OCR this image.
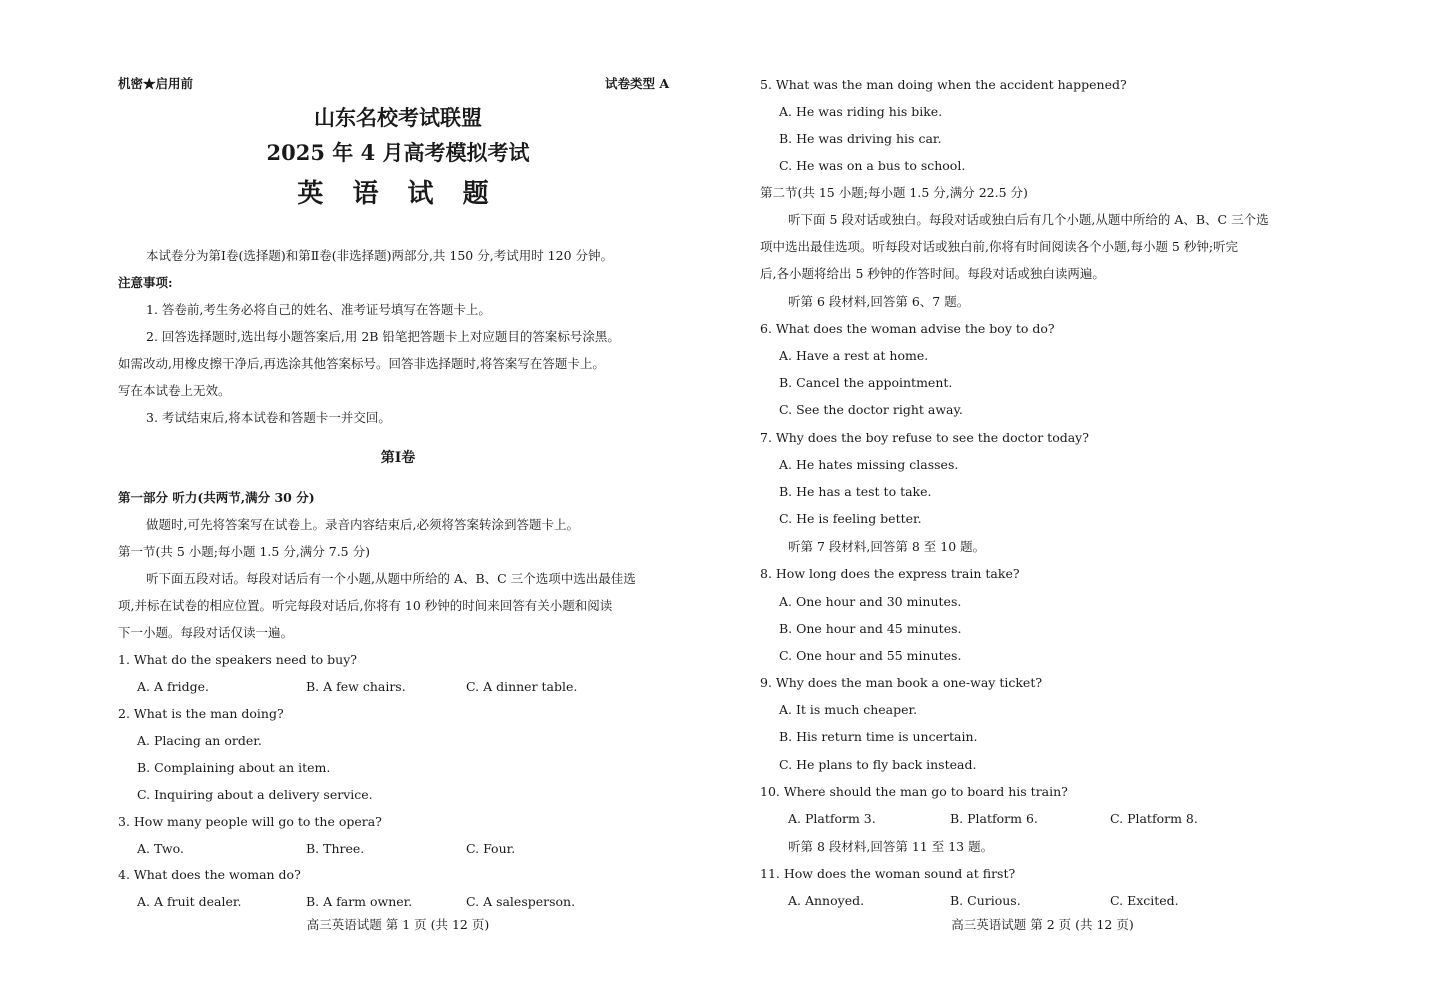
机密★启用前	试卷类型 A
山东名校考试联盟
2025 年 4 月高考模拟考试
英 语 试 题
本试卷分为第Ⅰ卷(选择题)和第Ⅱ卷(非选择题)两部分,共 150 分,考试用时 120 分钟。
注意事项:
1. 答卷前,考生务必将自己的姓名、准考证号填写在答题卡上。
2. 回答选择题时,选出每小题答案后,用 2B 铅笔把答题卡上对应题目的答案标号涂黑。
如需改动,用橡皮擦干净后,再选涂其他答案标号。回答非选择题时,将答案写在答题卡上。
写在本试卷上无效。
3. 考试结束后,将本试卷和答题卡一并交回。
第Ⅰ卷
第一部分 听力(共两节,满分 30 分)
做题时,可先将答案写在试卷上。录音内容结束后,必须将答案转涂到答题卡上。
第一节(共 5 小题;每小题 1.5 分,满分 7.5 分)
听下面五段对话。每段对话后有一个小题,从题中所给的 A、B、C 三个选项中选出最佳选
项,并标在试卷的相应位置。听完每段对话后,你将有 10 秒钟的时间来回答有关小题和阅读
下一小题。每段对话仅读一遍。
1. What do the speakers need to buy?
A. A fridge.	B. A few chairs.	C. A dinner table.
2. What is the man doing?
A. Placing an order.
B. Complaining about an item.
C. Inquiring about a delivery service.
3. How many people will go to the opera?
A. Two.	B. Three.	C. Four.
4. What does the woman do?
A. A fruit dealer.	B. A farm owner.	C. A salesperson.
高三英语试题 第 1 页 (共 12 页)
5. What was the man doing when the accident happened?
A. He was riding his bike.
B. He was driving his car.
C. He was on a bus to school.
第二节(共 15 小题;每小题 1.5 分,满分 22.5 分)
听下面 5 段对话或独白。每段对话或独白后有几个小题,从题中所给的 A、B、C 三个选
项中选出最佳选项。听每段对话或独白前,你将有时间阅读各个小题,每小题 5 秒钟;听完
后,各小题将给出 5 秒钟的作答时间。每段对话或独白读两遍。
听第 6 段材料,回答第 6、7 题。
6. What does the woman advise the boy to do?
A. Have a rest at home.
B. Cancel the appointment.
C. See the doctor right away.
7. Why does the boy refuse to see the doctor today?
A. He hates missing classes.
B. He has a test to take.
C. He is feeling better.
听第 7 段材料,回答第 8 至 10 题。
8. How long does the express train take?
A. One hour and 30 minutes.
B. One hour and 45 minutes.
C. One hour and 55 minutes.
9. Why does the man book a one-way ticket?
A. It is much cheaper.
B. His return time is uncertain.
C. He plans to fly back instead.
10. Where should the man go to board his train?
A. Platform 3.	B. Platform 6.	C. Platform 8.
听第 8 段材料,回答第 11 至 13 题。
11. How does the woman sound at first?
A. Annoyed.	B. Curious.	C. Excited.
高三英语试题 第 2 页 (共 12 页)
